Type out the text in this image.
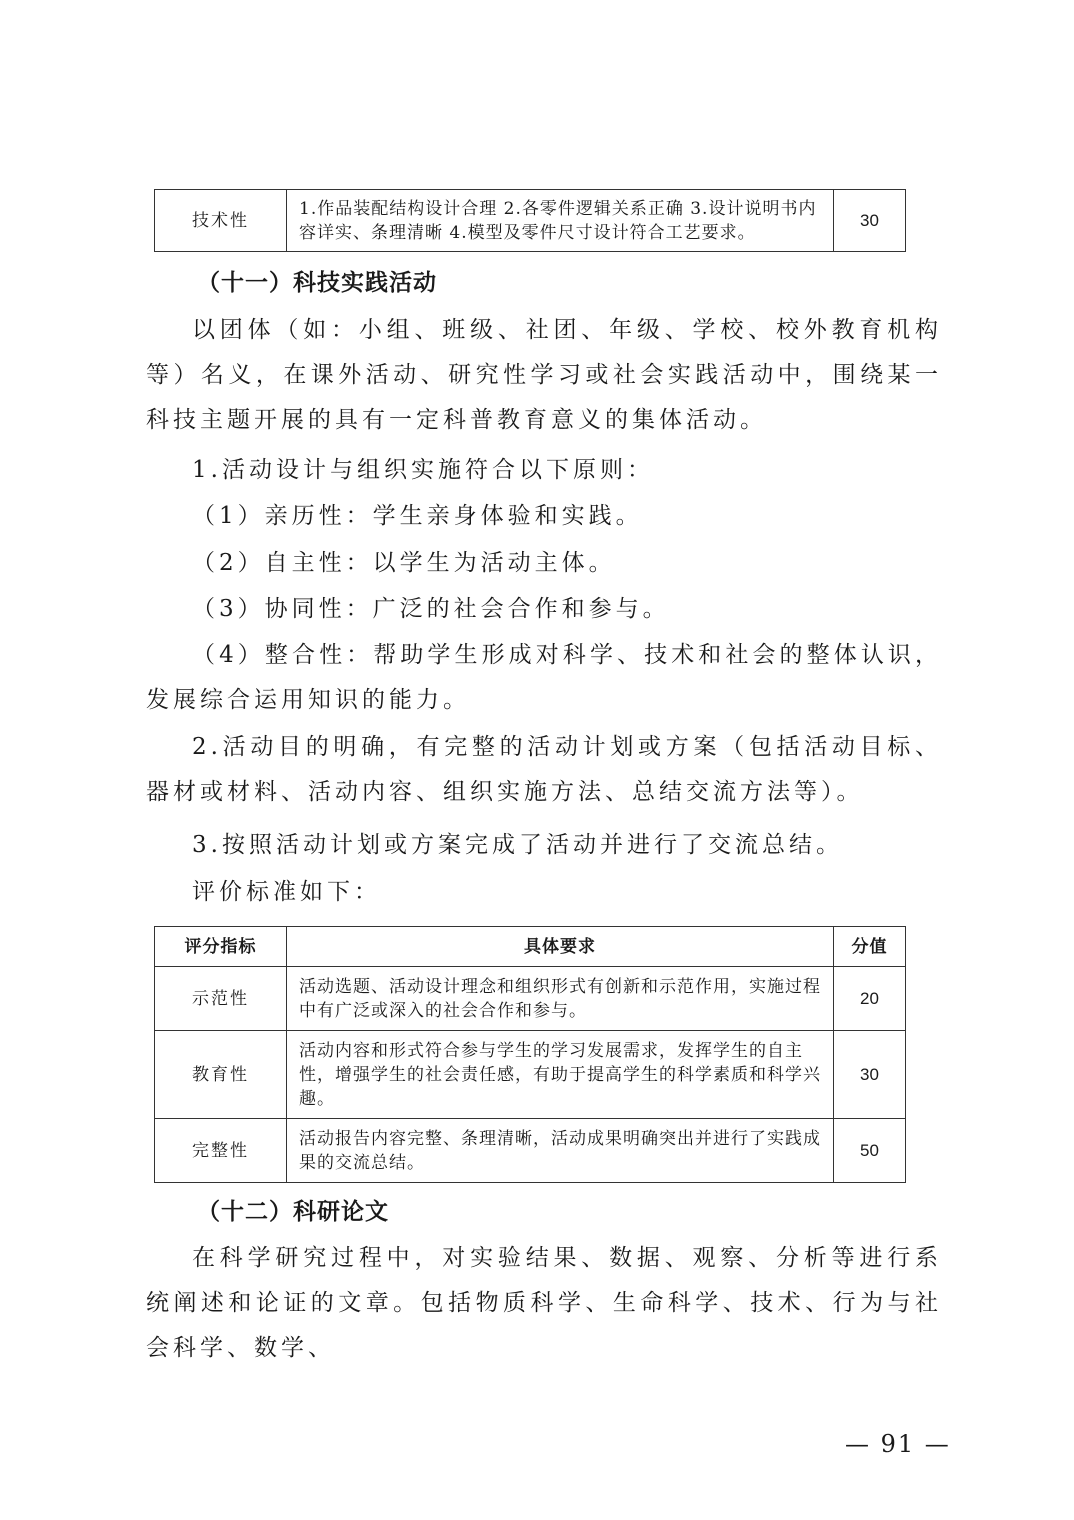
技术性	1.作品装配结构设计合理 2.各零件逻辑关系正确 3.设计说明书内容详实、条理清晰 4.模型及零件尺寸设计符合工艺要求。	30

（十一）科技实践活动

以团体（如：小组、班级、社团、年级、学校、校外教育机构等）名义，在课外活动、研究性学习或社会实践活动中，围绕某一科技主题开展的具有一定科普教育意义的集体活动。

1.活动设计与组织实施符合以下原则：

（1）亲历性：学生亲身体验和实践。

（2）自主性：以学生为活动主体。

（3）协同性：广泛的社会合作和参与。

（4）整合性：帮助学生形成对科学、技术和社会的整体认识，发展综合运用知识的能力。

2.活动目的明确，有完整的活动计划或方案（包括活动目标、器材或材料、活动内容、组织实施方法、总结交流方法等）。

3.按照活动计划或方案完成了活动并进行了交流总结。

评价标准如下：

评分指标	具体要求	分值
示范性	活动选题、活动设计理念和组织形式有创新和示范作用，实施过程中有广泛或深入的社会合作和参与。	20
教育性	活动内容和形式符合参与学生的学习发展需求，发挥学生的自主性，增强学生的社会责任感，有助于提高学生的科学素质和科学兴趣。	30
完整性	活动报告内容完整、条理清晰，活动成果明确突出并进行了实践成果的交流总结。	50

（十二）科研论文

在科学研究过程中，对实验结果、数据、观察、分析等进行系统阐述和论证的文章。包括物质科学、生命科学、技术、行为与社会科学、数学、

— 91 —
